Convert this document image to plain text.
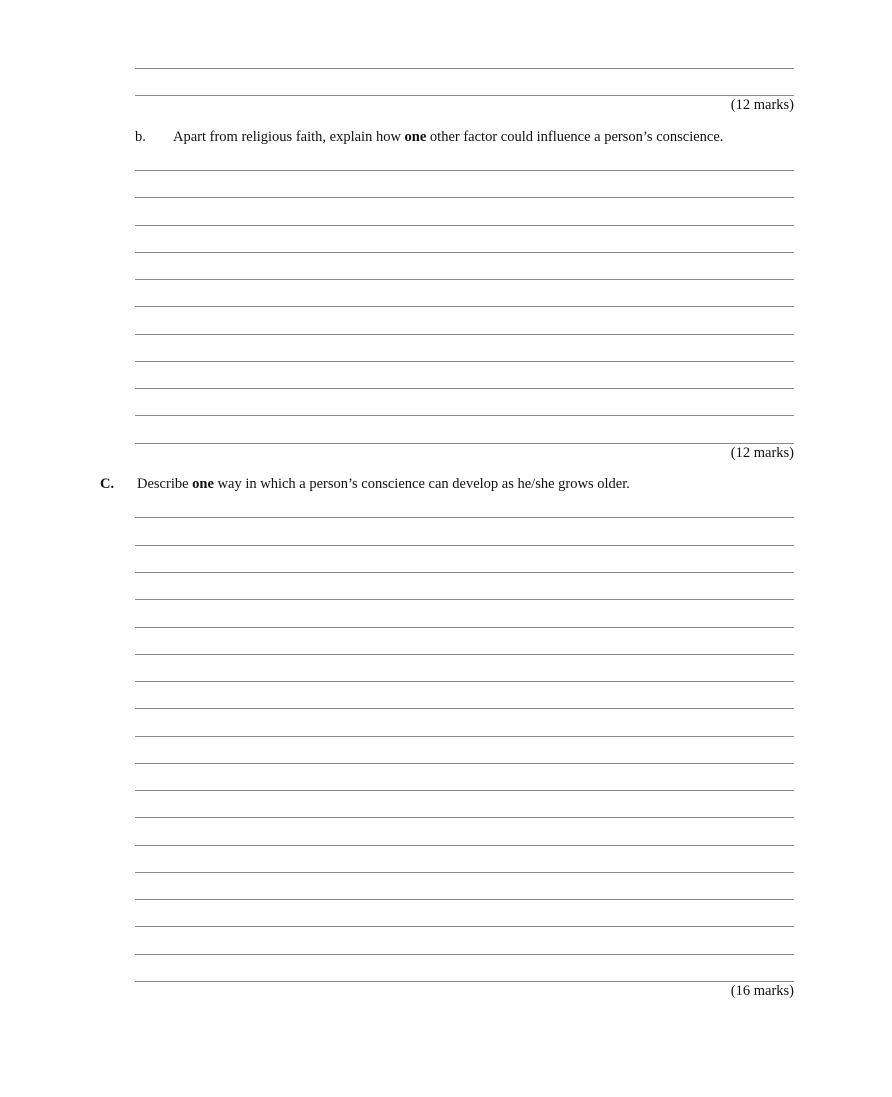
(12 marks)
b. Apart from religious faith, explain how one other factor could influence a person’s conscience.
(12 marks)
C. Describe one way in which a person’s conscience can develop as he/she grows older.
(16 marks)
